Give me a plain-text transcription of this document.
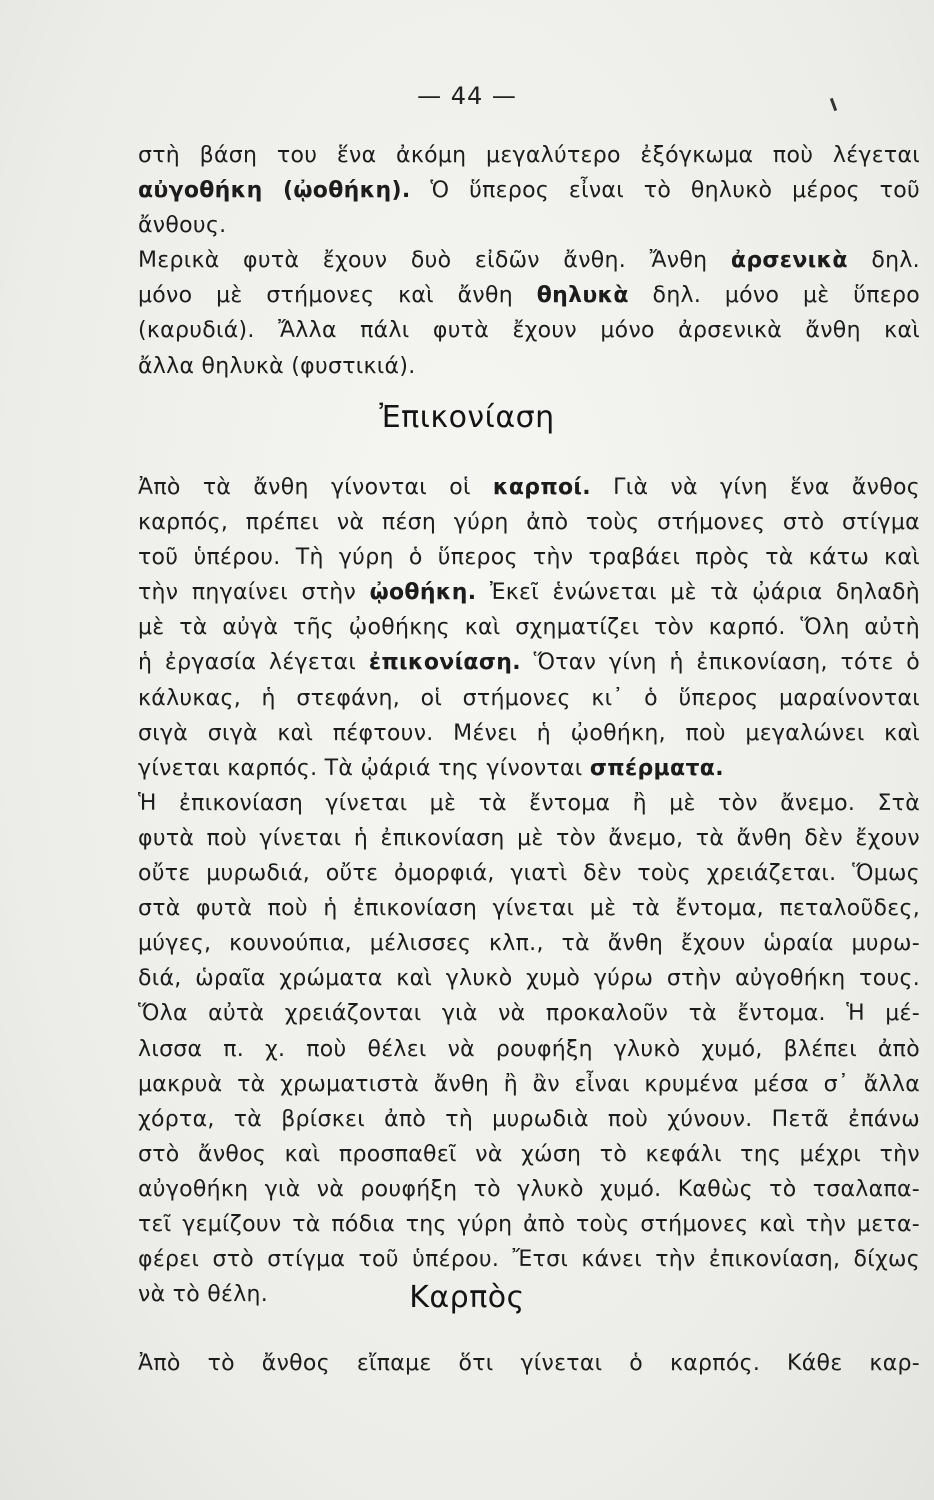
— 44 —
στὴ βάση του ἕνα ἀκόμη μεγαλύτερο ἐξόγκωμα ποὺ λέγεται
αὐγοθήκη (ᾠοθήκη). Ὁ ὕπερος εἶναι τὸ θηλυκὸ μέρος τοῦ
ἄνθους.
Μερικὰ φυτὰ ἔχουν δυὸ εἰδῶν ἄνθη. Ἄνθη ἀρσενικὰ δηλ.
μόνο μὲ στήμονες καὶ ἄνθη θηλυκὰ δηλ. μόνο μὲ ὕπερο
(καρυδιά). Ἄλλα πάλι φυτὰ ἔχουν μόνο ἀρσενικὰ ἄνθη καὶ
ἄλλα θηλυκὰ (φυστικιά).
Ἐπικονίαση
Ἀπὸ τὰ ἄνθη γίνονται οἱ καρποί. Γιὰ νὰ γίνη ἕνα ἄνθος
καρπός, πρέπει νὰ πέση γύρη ἀπὸ τοὺς στήμονες στὸ στίγμα
τοῦ ὑπέρου. Τὴ γύρη ὁ ὕπερος τὴν τραβάει πρὸς τὰ κάτω καὶ
τὴν πηγαίνει στὴν ᾠοθήκη. Ἐκεῖ ἑνώνεται μὲ τὰ ᾠάρια δηλαδὴ
μὲ τὰ αὐγὰ τῆς ᾠοθήκης καὶ σχηματίζει τὸν καρπό. Ὅλη αὐτὴ
ἡ ἐργασία λέγεται ἐπικονίαση. Ὅταν γίνη ἡ ἐπικονίαση, τότε ὁ
κάλυκας, ἡ στεφάνη, οἱ στήμονες κι᾿ ὁ ὕπερος μαραίνονται
σιγὰ σιγὰ καὶ πέφτουν. Μένει ἡ ᾠοθήκη, ποὺ μεγαλώνει καὶ
γίνεται καρπός. Τὰ ᾠάριά της γίνονται σπέρματα.
Ἡ ἐπικονίαση γίνεται μὲ τὰ ἔντομα ἢ μὲ τὸν ἄνεμο. Στὰ
φυτὰ ποὺ γίνεται ἡ ἐπικονίαση μὲ τὸν ἄνεμο, τὰ ἄνθη δὲν ἔχουν
οὔτε μυρωδιά, οὔτε ὀμορφιά, γιατὶ δὲν τοὺς χρειάζεται. Ὅμως
στὰ φυτὰ ποὺ ἡ ἐπικονίαση γίνεται μὲ τὰ ἔντομα, πεταλοῦδες,
μύγες, κουνούπια, μέλισσες κλπ., τὰ ἄνθη ἔχουν ὡραία μυρω-
διά, ὡραῖα χρώματα καὶ γλυκὸ χυμὸ γύρω στὴν αὐγοθήκη τους.
Ὅλα αὐτὰ χρειάζονται γιὰ νὰ προκαλοῦν τὰ ἔντομα. Ἡ μέ-
λισσα π. χ. ποὺ θέλει νὰ ρουφήξη γλυκὸ χυμό, βλέπει ἀπὸ
μακρυὰ τὰ χρωματιστὰ ἄνθη ἢ ἂν εἶναι κρυμένα μέσα σ᾿ ἄλλα
χόρτα, τὰ βρίσκει ἀπὸ τὴ μυρωδιὰ ποὺ χύνουν. Πετᾶ ἐπάνω
στὸ ἄνθος καὶ προσπαθεῖ νὰ χώση τὸ κεφάλι της μέχρι τὴν
αὐγοθήκη γιὰ νὰ ρουφήξη τὸ γλυκὸ χυμό. Καθὼς τὸ τσαλαπα-
τεῖ γεμίζουν τὰ πόδια της γύρη ἀπὸ τοὺς στήμονες καὶ τὴν μετα-
φέρει στὸ στίγμα τοῦ ὑπέρου. Ἔτσι κάνει τὴν ἐπικονίαση, δίχως
νὰ τὸ θέλη.	Καρπὸς
Ἀπὸ τὸ ἄνθος εἴπαμε ὅτι γίνεται ὁ καρπός. Κάθε καρ-
